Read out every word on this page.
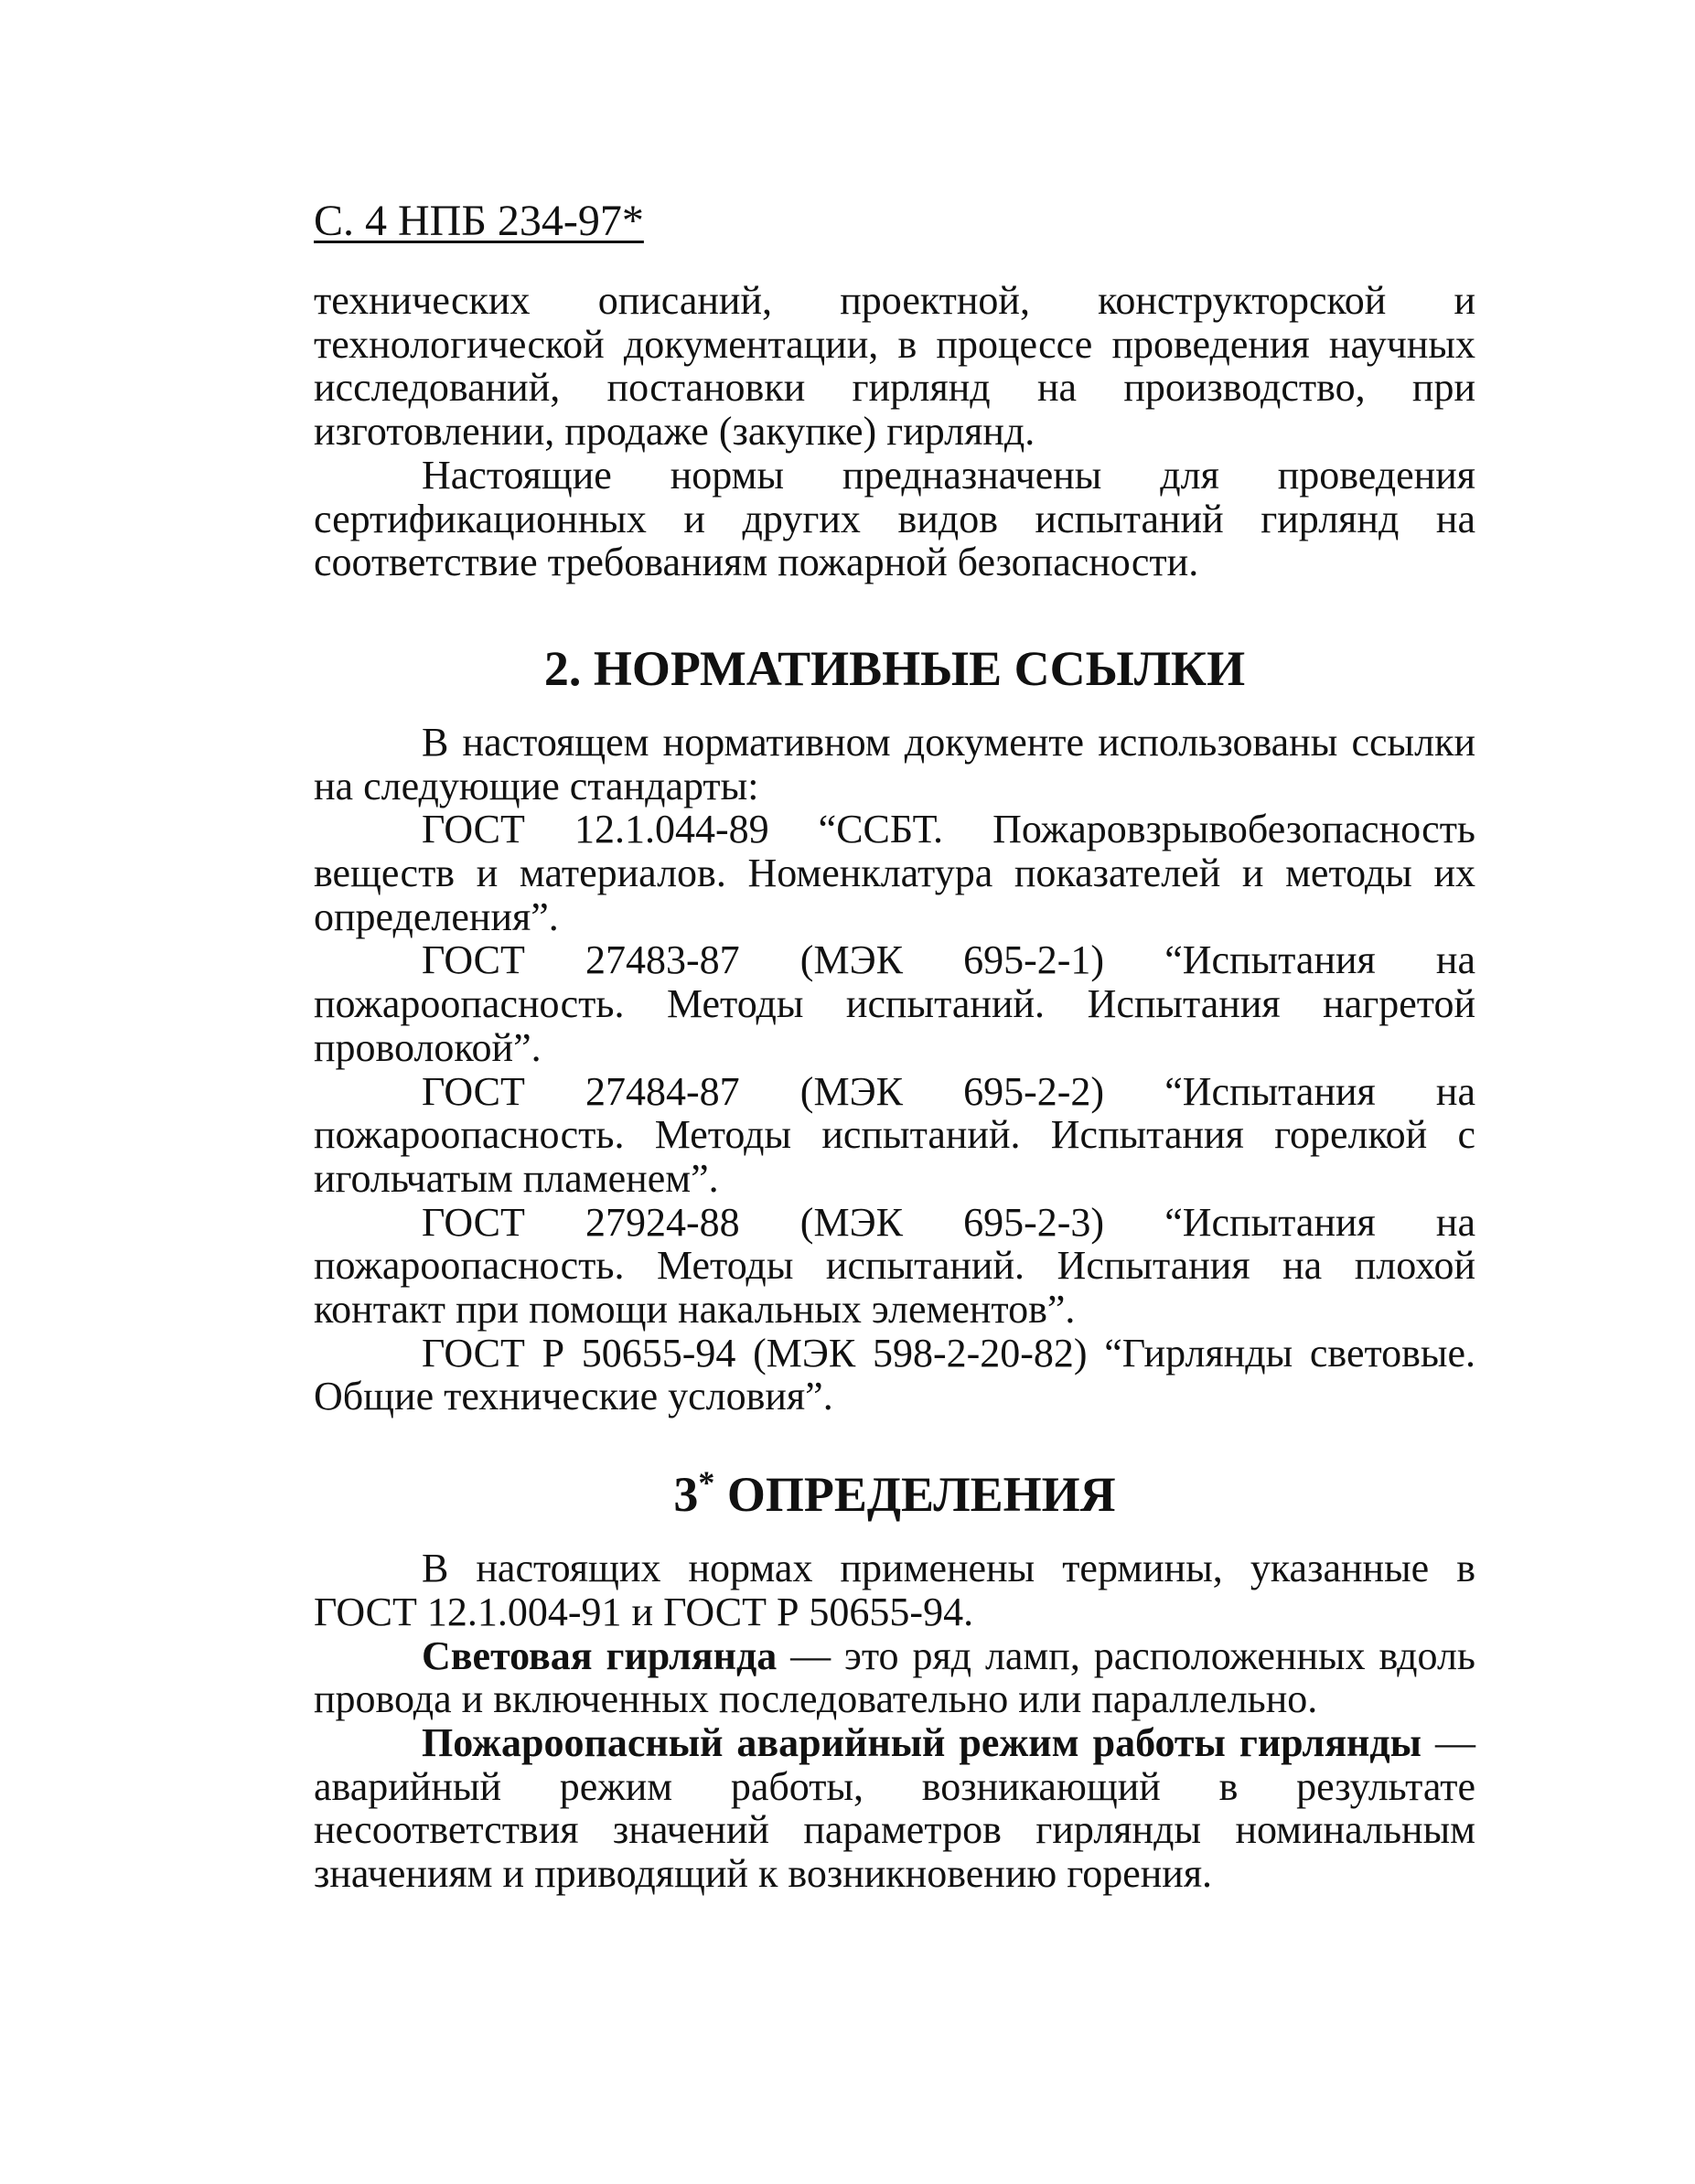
С. 4 НПБ 234-97*

технических описаний, проектной, конструкторской и технологической документации, в процессе проведения научных исследований, постановки гирлянд на производство, при изготовлении, продаже (закупке) гирлянд.

Настоящие нормы предназначены для проведения сертификационных и других видов испытаний гирлянд на соответствие требованиям пожарной безопасности.

2. НОРМАТИВНЫЕ ССЫЛКИ

В настоящем нормативном документе использованы ссылки на следующие стандарты:

ГОСТ 12.1.044-89 “ССБТ. Пожаровзрывобезопасность веществ и материалов. Номенклатура показателей и методы их определения”.

ГОСТ 27483-87 (МЭК 695-2-1) “Испытания на пожароопасность. Методы испытаний. Испытания нагретой проволокой”.

ГОСТ 27484-87 (МЭК 695-2-2) “Испытания на пожароопасность. Методы испытаний. Испытания горелкой с игольчатым пламенем”.

ГОСТ 27924-88 (МЭК 695-2-3) “Испытания на пожароопасность. Методы испытаний. Испытания на плохой контакт при помощи накальных элементов”.

ГОСТ Р 50655-94 (МЭК 598-2-20-82) “Гирлянды световые. Общие технические условия”.

3* ОПРЕДЕЛЕНИЯ

В настоящих нормах применены термины, указанные в ГОСТ 12.1.004-91 и ГОСТ Р 50655-94.

Световая гирлянда — это ряд ламп, расположенных вдоль провода и включенных последовательно или параллельно.

Пожароопасный аварийный режим работы гирлянды — аварийный режим работы, возникающий в результате несоответствия значений параметров гирлянды номинальным значениям и приводящий к возникновению горения.
